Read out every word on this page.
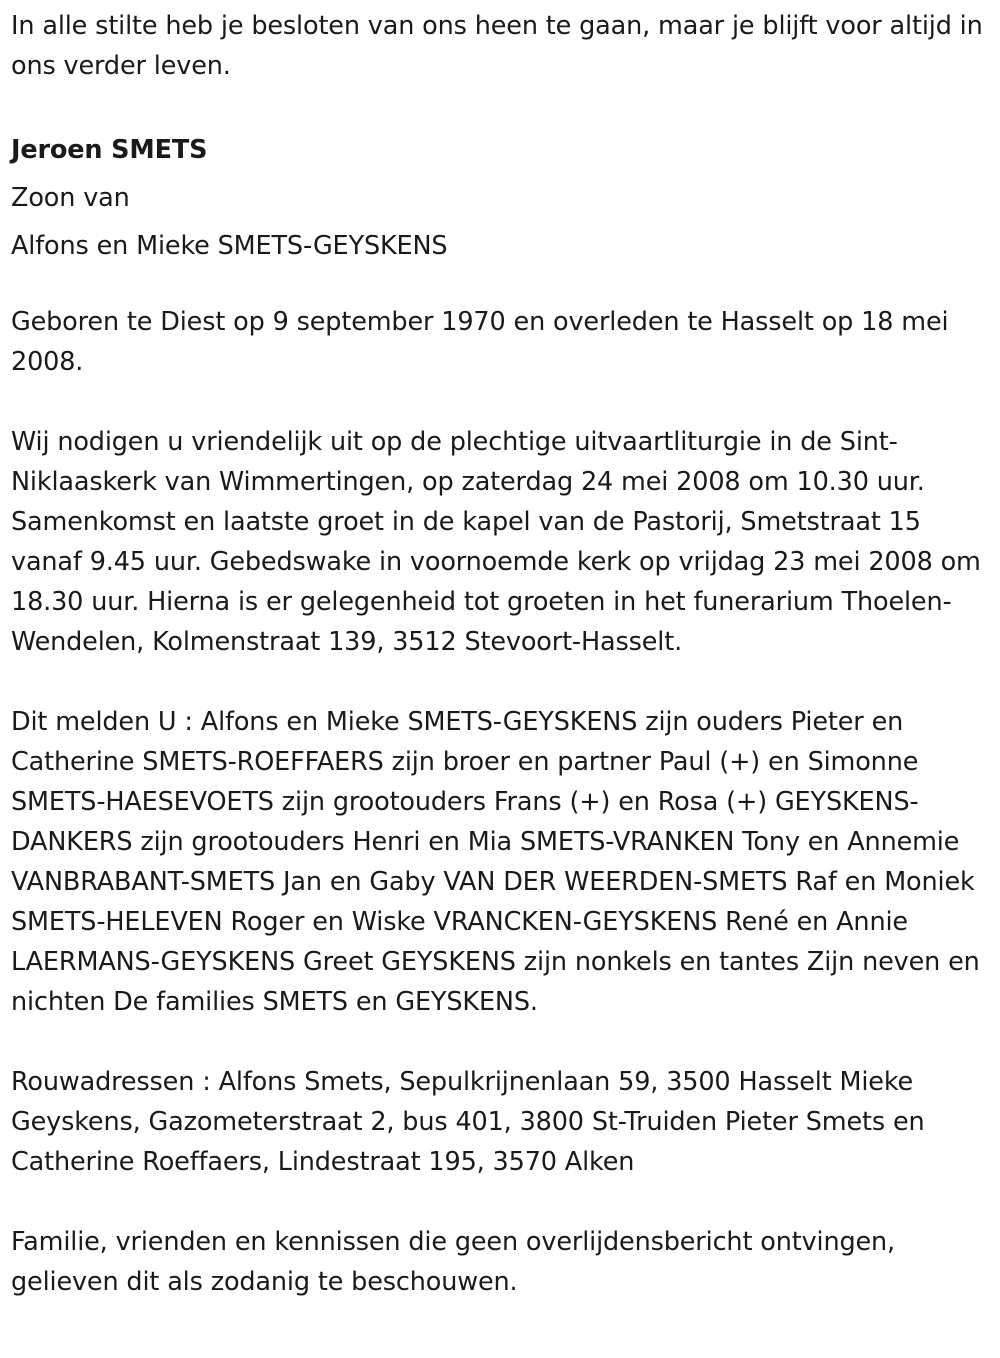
In alle stilte heb je besloten van ons heen te gaan, maar je blijft voor altijd in ons verder leven.

Jeroen SMETS

Zoon van

Alfons en Mieke SMETS-GEYSKENS

Geboren te Diest op 9 september 1970 en overleden te Hasselt op 18 mei 2008.

Wij nodigen u vriendelijk uit op de plechtige uitvaartliturgie in de Sint-Niklaaskerk van Wimmertingen, op zaterdag 24 mei 2008 om 10.30 uur. Samenkomst en laatste groet in de kapel van de Pastorij, Smetstraat 15 vanaf 9.45 uur. Gebedswake in voornoemde kerk op vrijdag 23 mei 2008 om 18.30 uur. Hierna is er gelegenheid tot groeten in het funerarium Thoelen-Wendelen, Kolmenstraat 139, 3512 Stevoort-Hasselt.

Dit melden U : Alfons en Mieke SMETS-GEYSKENS zijn ouders Pieter en Catherine SMETS-ROEFFAERS zijn broer en partner Paul (+) en Simonne SMETS-HAESEVOETS zijn grootouders Frans (+) en Rosa (+) GEYSKENS-DANKERS zijn grootouders Henri en Mia SMETS-VRANKEN Tony en Annemie VANBRABANT-SMETS Jan en Gaby VAN DER WEERDEN-SMETS Raf en Moniek SMETS-HELEVEN Roger en Wiske VRANCKEN-GEYSKENS René en Annie LAERMANS-GEYSKENS Greet GEYSKENS zijn nonkels en tantes Zijn neven en nichten De families SMETS en GEYSKENS.

Rouwadressen : Alfons Smets, Sepulkrijnenlaan 59, 3500 Hasselt Mieke Geyskens, Gazometerstraat 2, bus 401, 3800 St-Truiden Pieter Smets en Catherine Roeffaers, Lindestraat 195, 3570 Alken

Familie, vrienden en kennissen die geen overlijdensbericht ontvingen, gelieven dit als zodanig te beschouwen.
